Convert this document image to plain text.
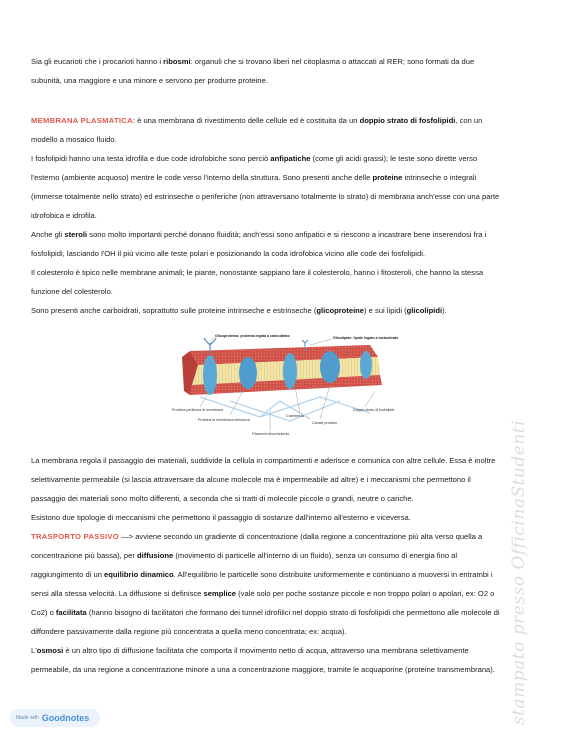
Sia gli eucarioti che i procarioti hanno i ribosmi: organuli che si trovano liberi nel citoplasma o attaccati al RER; sono formati da due
subunità, una maggiore e una minore e servono per produrre proteine.
MEMBRANA PLASMATICA: è una membrana di rivestimento delle cellule ed è costituita da un doppio strato di fosfolipidi, con un
modello a mosaico fluido.
I fosfolipidi hanno una testa idrofila e due code idrofobiche sono perciò anfipatiche (come gli acidi grassi); le teste sono dirette verso
l'esterno (ambiente acquoso) mentre le code verso l'interno della struttura. Sono presenti anche delle proteine intrinseche o integrali
(immerse totalmente nello strato) ed estrinseche o periferiche (non attraversano totalmente lo strato) di membrana anch'esse con una parte
idrofobica e idrofila.
Anche gli steroli sono molto importanti perché donano fluidità; anch'essi sono anfipatici e si riescono a incastrare bene inserendosi fra i
fosfolipidi, lasciando l'OH il più vicino alle teste polari e posizionando la coda idrofobica vicino alle code dei fosfolipidi.
Il colesterolo è tipico nelle membrane animali; le piante, nonostante sappiano fare il colesterolo, hanno i fitosteroli, che hanno la stessa
funzione del colesterolo.
Sono presenti anche carboidrati, soprattutto sulle proteine intrinseche e estrinseche (glicoproteine) e sui lipidi (glicolipidi).
Glicoproteina: proteina legata a carboidrato	Glicolipide: lipide legato a carboidrato
Proteina periferica di membrana
Proteina di membrana intrinseca
Colesterolo
Canale proteico
Filamenti citoscheletrici
Doppio strato di fosfolipidi
La membrana regola il passaggio dei materiali, suddivide la cellula in compartimenti e aderisce e comunica con altre cellule. Essa è inoltre
selettivamente permeabile (si lascia attraversare da alcune molecole ma è impermeabile ad altre) e i meccanismi che permettono il
passaggio dei materiali sono molto differenti, a seconda che si tratti di molecole piccole o grandi, neutre o cariche.
Esistono due tipologie di meccanismi che permettono il passaggio di sostanze dall'interno all'esterno e viceversa.
TRASPORTO PASSIVO —> avviene secondo un gradiente di concentrazione (dalla regione a concentrazione più alta verso quella a
concentrazione più bassa), per diffusione (movimento di particelle all'interno di un fluido), senza un consumo di energia fino al
raggiungimento di un equilibrio dinamico. All'equilibrio le particelle sono distribuite uniformemente e continuano a muoversi in entrambi i
sensi alla stessa velocità. La diffusione si definisce semplice (vale solo per poche sostanze piccole e non troppo polari o apolari, ex: O2 o
Co2) o facilitata (hanno bisogno di facilitatori che formano dei tunnel idrofilici nel doppio strato di fosfolipidi che permettono alle molecole di
diffondere passivamente dalla regione più concentrata a quella meno concentrata; ex: acqua).
L'osmosi è un altro tipo di diffusione facilitata che comporta il movimento netto di acqua, attraverso una membrana selettivamente
permeabile, da una regione a concentrazione minore a una a concentrazione maggiore, tramite le acquaporine (proteine transmembrana). stampato presso OfficinaStudenti
Made with Goodnotes
